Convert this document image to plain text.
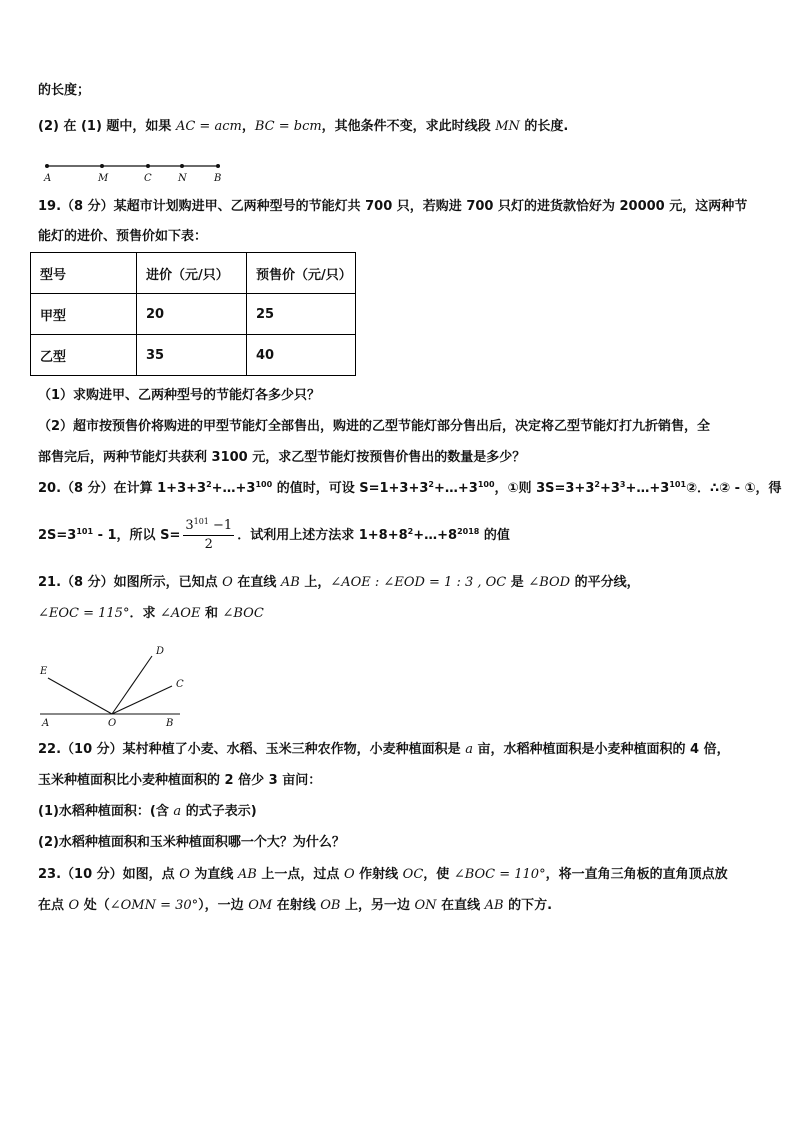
的长度；
(2) 在 (1) 题中，如果 AC = acm，BC = bcm，其他条件不变，求此时线段 MN 的长度.
A	M	C	N	B
19.（8 分）某超市计划购进甲、乙两种型号的节能灯共 700 只，若购进 700 只灯的进货款恰好为 20000 元，这两种节
能灯的进价、预售价如下表：
型号	进价（元/只）	预售价（元/只）
甲型	20	25
乙型	35	40
（1）求购进甲、乙两种型号的节能灯各多少只？
（2）超市按预售价将购进的甲型节能灯全部售出，购进的乙型节能灯部分售出后，决定将乙型节能灯打九折销售，全
部售完后，两种节能灯共获利 3100 元，求乙型节能灯按预售价售出的数量是多少？
20.（8 分）在计算 $1+3+3^2+\dots+3^{100}$ 的值时，可设 $S=1+3+3^2+\dots+3^{100}$，①则 $3S=3+3^2+3^3+\dots+3^{101}②$．∴② - ①，得
$2S=3^{101} - 1$，所以 $S= \frac{3^{101} -1}{2}$ ．试利用上述方法求 $1+8+8^2+\dots+8^{2018}$ 的值
21.（8 分）如图所示，已知点 O 在直线 AB 上，∠AOE : ∠EOD = 1 : 3 , OC 是 ∠BOD 的平分线，
∠EOC = 115°．求 ∠AOE 和 ∠BOC
E
D
C
A	O	B
22.（10 分）某村种植了小麦、水稻、玉米三种农作物，小麦种植面积是 a 亩，水稻种植面积是小麦种植面积的 4 倍，
玉米种植面积比小麦种植面积的 2 倍少 3 亩问：
(1)水稻种植面积：(含 a 的式子表示)
(2)水稻种植面积和玉米种植面积哪一个大？为什么？
23.（10 分）如图，点 O 为直线 AB 上一点，过点 O 作射线 OC，使 ∠BOC = 110°，将一直角三角板的直角顶点放
在点 O 处（∠OMN = 30°），一边 OM 在射线 OB 上，另一边 ON 在直线 AB 的下方.
